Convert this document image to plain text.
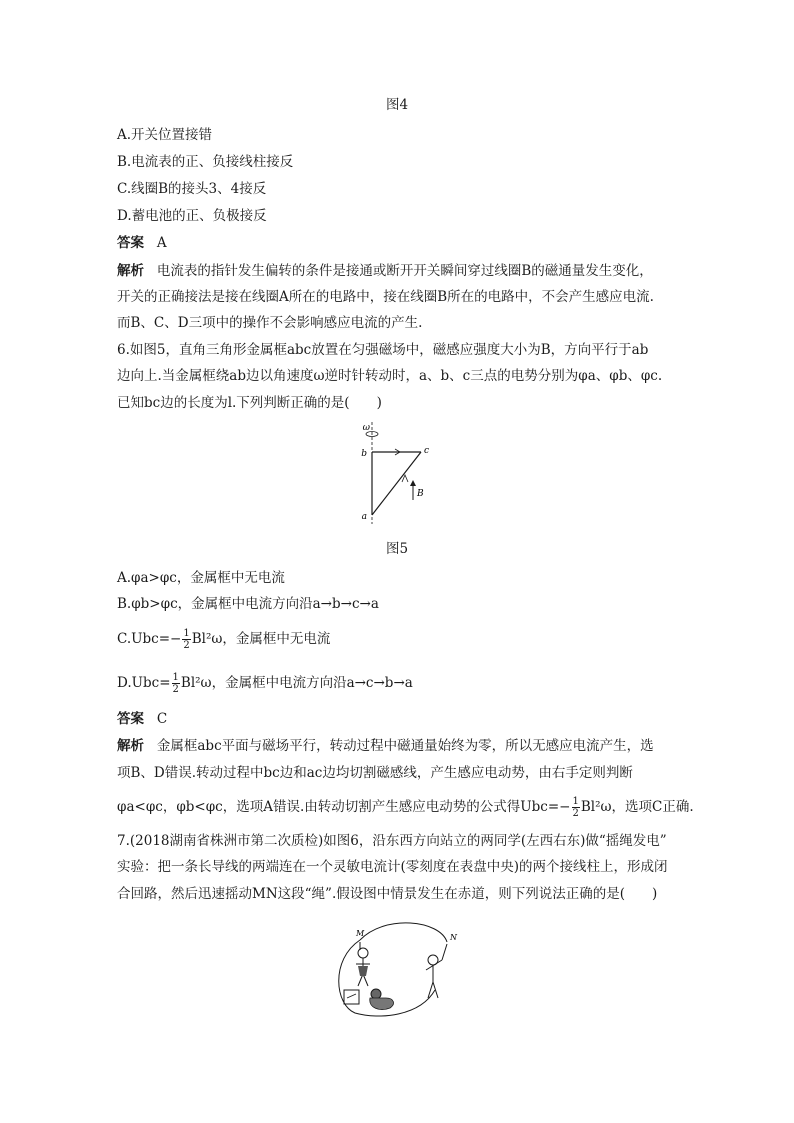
图4
A.开关位置接错
B.电流表的正、负接线柱接反
C.线圈B的接头3、4接反
D.蓄电池的正、负极接反
答案 A
解析 电流表的指针发生偏转的条件是接通或断开开关瞬间穿过线圈B的磁通量发生变化，
开关的正确接法是接在线圈A所在的电路中，接在线圈B所在的电路中，不会产生感应电流.
而B、C、D三项中的操作不会影响感应电流的产生.
6.如图5，直角三角形金属框abc放置在匀强磁场中，磁感应强度大小为B，方向平行于ab
边向上.当金属框绕ab边以角速度ω逆时针转动时，a、b、c三点的电势分别为φa、φb、φc.
已知bc边的长度为l.下列判断正确的是(　　)
ω
b	c
a
B
图5
A.φa>φc，金属框中无电流
B.φb>φc，金属框中电流方向沿a→b→c→a
$C.Ubc=- \frac{1}{2} Bl^2\omega$，金属框中无电流
$D.Ubc= \frac{1}{2} Bl^2\omega$，金属框中电流方向沿a→c→b→a
答案 C
解析 金属框abc平面与磁场平行，转动过程中磁通量始终为零，所以无感应电流产生，选
项B、D错误.转动过程中bc边和ac边均切割磁感线，产生感应电动势，由右手定则判断
φa<φc，φb<φc，选项A错误.由转动切割产生感应电动势的公式得$Ubc=- \frac{1}{2} Bl^2\omega$，选项C正确.
7.(2018湖南省株洲市第二次质检)如图6，沿东西方向站立的两同学(左西右东)做“摇绳发电”
实验：把一条长导线的两端连在一个灵敏电流计(零刻度在表盘中央)的两个接线柱上，形成闭
合回路，然后迅速摇动MN这段“绳”.假设图中情景发生在赤道，则下列说法正确的是(　　)
M	N
